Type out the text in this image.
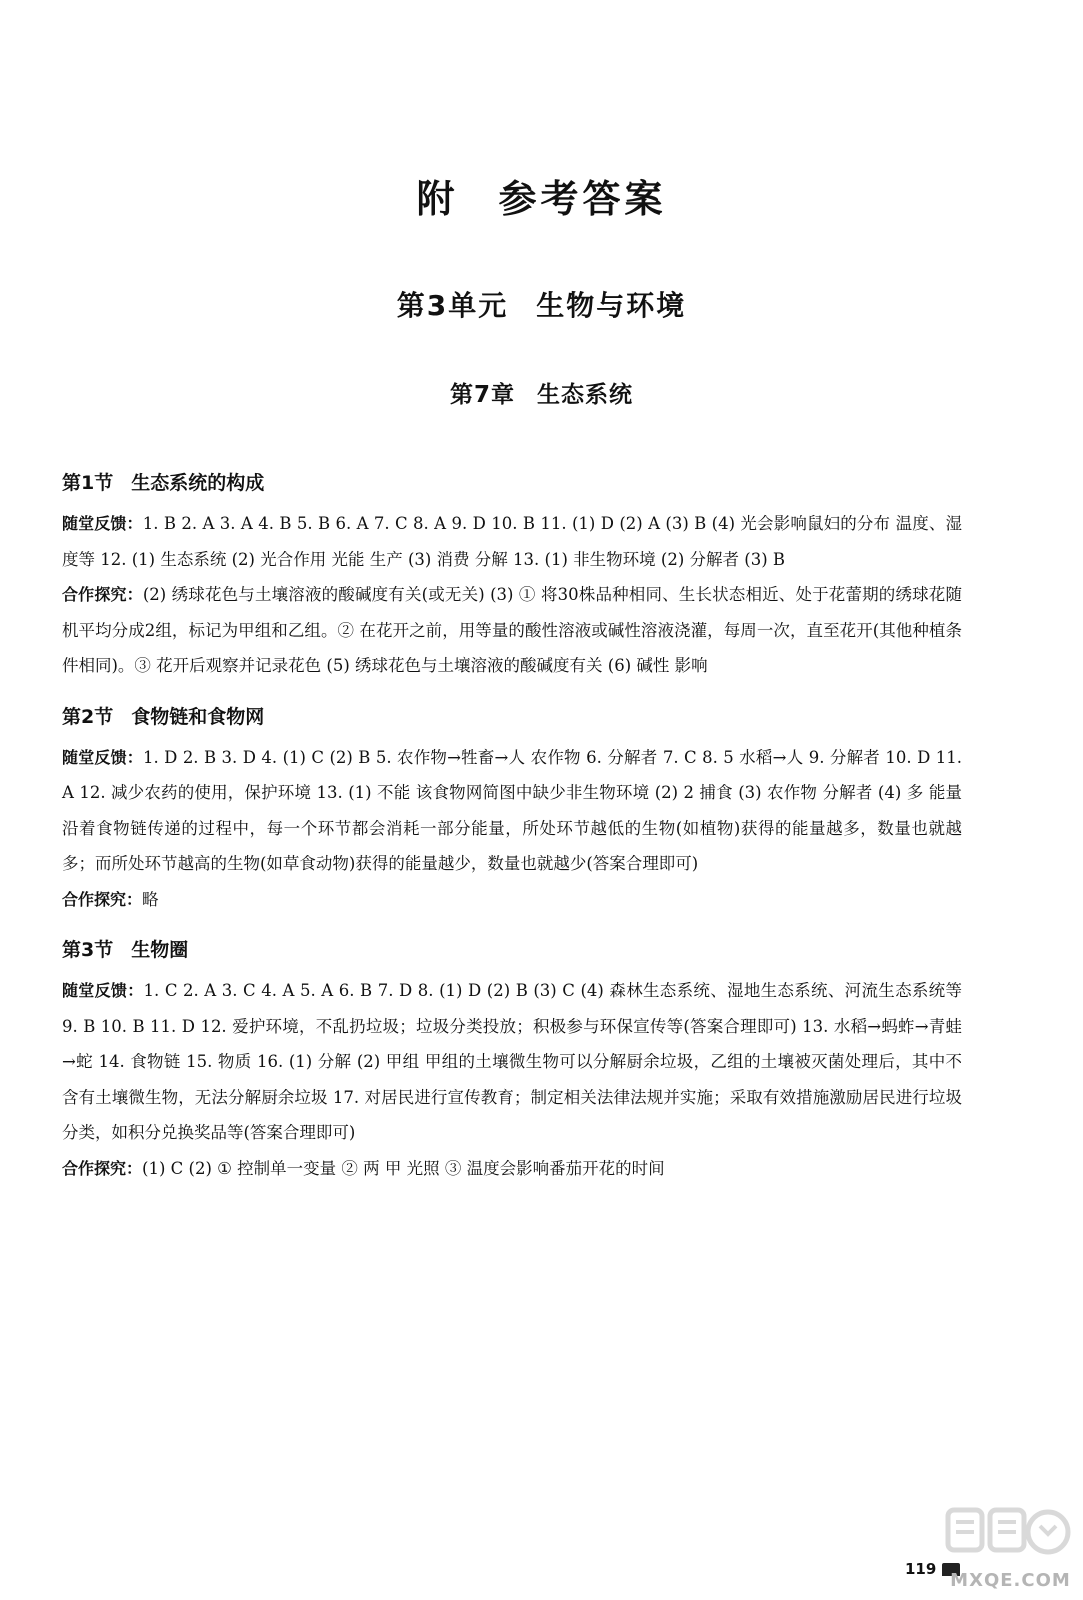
附 参考答案
第3单元 生物与环境
第7章 生态系统
第1节 生态系统的构成

随堂反馈：1. B 2. A 3. A 4. B 5. B 6. A 7. C 8. A 9. D 10. B 11. (1) D (2) A (3) B (4) 光会影响鼠妇的分布 温度、湿度等 12. (1) 生态系统 (2) 光合作用 光能 生产 (3) 消费 分解 13. (1) 非生物环境 (2) 分解者 (3) B

合作探究：(2) 绣球花色与土壤溶液的酸碱度有关(或无关) (3) ① 将30株品种相同、生长状态相近、处于花蕾期的绣球花随机平均分成2组，标记为甲组和乙组。② 在花开之前，用等量的酸性溶液或碱性溶液浇灌，每周一次，直至花开(其他种植条件相同)。③ 花开后观察并记录花色 (5) 绣球花色与土壤溶液的酸碱度有关 (6) 碱性 影响

第2节 食物链和食物网

随堂反馈：1. D 2. B 3. D 4. (1) C (2) B 5. 农作物→牲畜→人 农作物 6. 分解者 7. C 8. 5 水稻→人 9. 分解者 10. D 11. A 12. 减少农药的使用，保护环境 13. (1) 不能 该食物网简图中缺少非生物环境 (2) 2 捕食 (3) 农作物 分解者 (4) 多 能量沿着食物链传递的过程中，每一个环节都会消耗一部分能量，所处环节越低的生物(如植物)获得的能量越多，数量也就越多；而所处环节越高的生物(如草食动物)获得的能量越少，数量也就越少(答案合理即可)

合作探究：略

第3节 生物圈

随堂反馈：1. C 2. A 3. C 4. A 5. A 6. B 7. D 8. (1) D (2) B (3) C (4) 森林生态系统、湿地生态系统、河流生态系统等 9. B 10. B 11. D 12. 爱护环境，不乱扔垃圾；垃圾分类投放；积极参与环保宣传等(答案合理即可) 13. 水稻→蚂蚱→青蛙→蛇 14. 食物链 15. 物质 16. (1) 分解 (2) 甲组 甲组的土壤微生物可以分解厨余垃圾，乙组的土壤被灭菌处理后，其中不含有土壤微生物，无法分解厨余垃圾 17. 对居民进行宣传教育；制定相关法律法规并实施；采取有效措施激励居民进行垃圾分类，如积分兑换奖品等(答案合理即可)

合作探究：(1) C (2) ① 控制单一变量 ② 两 甲 光照 ③ 温度会影响番茄开花的时间

119
MXQE.COM
